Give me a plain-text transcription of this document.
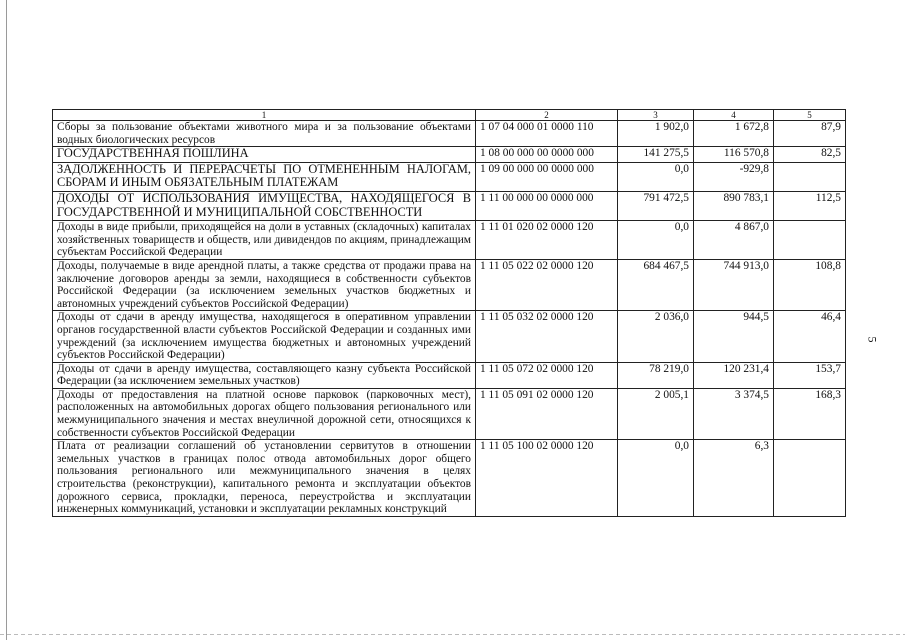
5
1	2	3	4	5
Сборы за пользование объектами животного мира и за пользование объектами водных биологических ресурсов	1 07 04 000 01 0000 110	1 902,0	1 672,8	87,9
ГОСУДАРСТВЕННАЯ ПОШЛИНА	1 08 00 000 00 0000 000	141 275,5	116 570,8	82,5
ЗАДОЛЖЕННОСТЬ И ПЕРЕРАСЧЕТЫ ПО ОТМЕНЕННЫМ НАЛОГАМ, СБОРАМ И ИНЫМ ОБЯЗАТЕЛЬНЫМ ПЛАТЕЖАМ	1 09 00 000 00 0000 000	0,0	-929,8	
ДОХОДЫ ОТ ИСПОЛЬЗОВАНИЯ ИМУЩЕСТВА, НАХОДЯЩЕГОСЯ В ГОСУДАРСТВЕННОЙ И МУНИЦИПАЛЬНОЙ СОБСТВЕННОСТИ	1 11 00 000 00 0000 000	791 472,5	890 783,1	112,5
Доходы в виде прибыли, приходящейся на доли в уставных (складочных) капиталах хозяйственных товариществ и обществ, или дивидендов по акциям, принадлежащим субъектам Российской Федерации	1 11 01 020 02 0000 120	0,0	4 867,0	
Доходы, получаемые в виде арендной платы, а также средства от продажи права на заключение договоров аренды за земли, находящиеся в собственности субъектов Российской Федерации (за исключением земельных участков бюджетных и автономных учреждений субъектов Российской Федерации)	1 11 05 022 02 0000 120	684 467,5	744 913,0	108,8
Доходы от сдачи в аренду имущества, находящегося в оперативном управлении органов государственной власти субъектов Российской Федерации и созданных ими учреждений (за исключением имущества бюджетных и автономных учреждений субъектов Российской Федерации)	1 11 05 032 02 0000 120	2 036,0	944,5	46,4
Доходы от сдачи в аренду имущества, составляющего казну субъекта Российской Федерации (за исключением земельных участков)	1 11 05 072 02 0000 120	78 219,0	120 231,4	153,7
Доходы от предоставления на платной основе парковок (парковочных мест), расположенных на автомобильных дорогах общего пользования регионального или межмуниципального значения и местах внеуличной дорожной сети, относящихся к собственности субъектов Российской Федерации	1 11 05 091 02 0000 120	2 005,1	3 374,5	168,3
Плата от реализации соглашений об установлении сервитутов в отношении земельных участков в границах полос отвода автомобильных дорог общего пользования регионального или межмуниципального значения в целях строительства (реконструкции), капитального ремонта и эксплуатации объектов дорожного сервиса, прокладки, переноса, переустройства и эксплуатации инженерных коммуникаций, установки и эксплуатации рекламных конструкций	1 11 05 100 02 0000 120	0,0	6,3	
